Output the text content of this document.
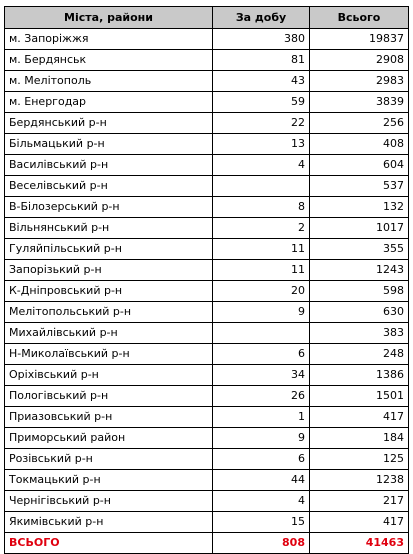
Міста, райони	За добу	Всього
м. Запоріжжя	380	19837
м. Бердянськ	81	2908
м. Мелітополь	43	2983
м. Енергодар	59	3839
Бердянський р-н	22	256
Більмацький р-н	13	408
Василівський р-н	4	604
Веселівський р-н		537
В-Білозерський р-н	8	132
Вільнянський р-н	2	1017
Гуляйпільський р-н	11	355
Запорізький р-н	11	1243
К-Дніпровський р-н	20	598
Мелітопольський р-н	9	630
Михайлівський р-н		383
Н-Миколаївський р-н	6	248
Оріхівський р-н	34	1386
Пологівський р-н	26	1501
Приазовський р-н	1	417
Приморський район	9	184
Розівський р-н	6	125
Токмацький р-н	44	1238
Чернігівський р-н	4	217
Якимівський р-н	15	417
ВСЬОГО	808	41463
